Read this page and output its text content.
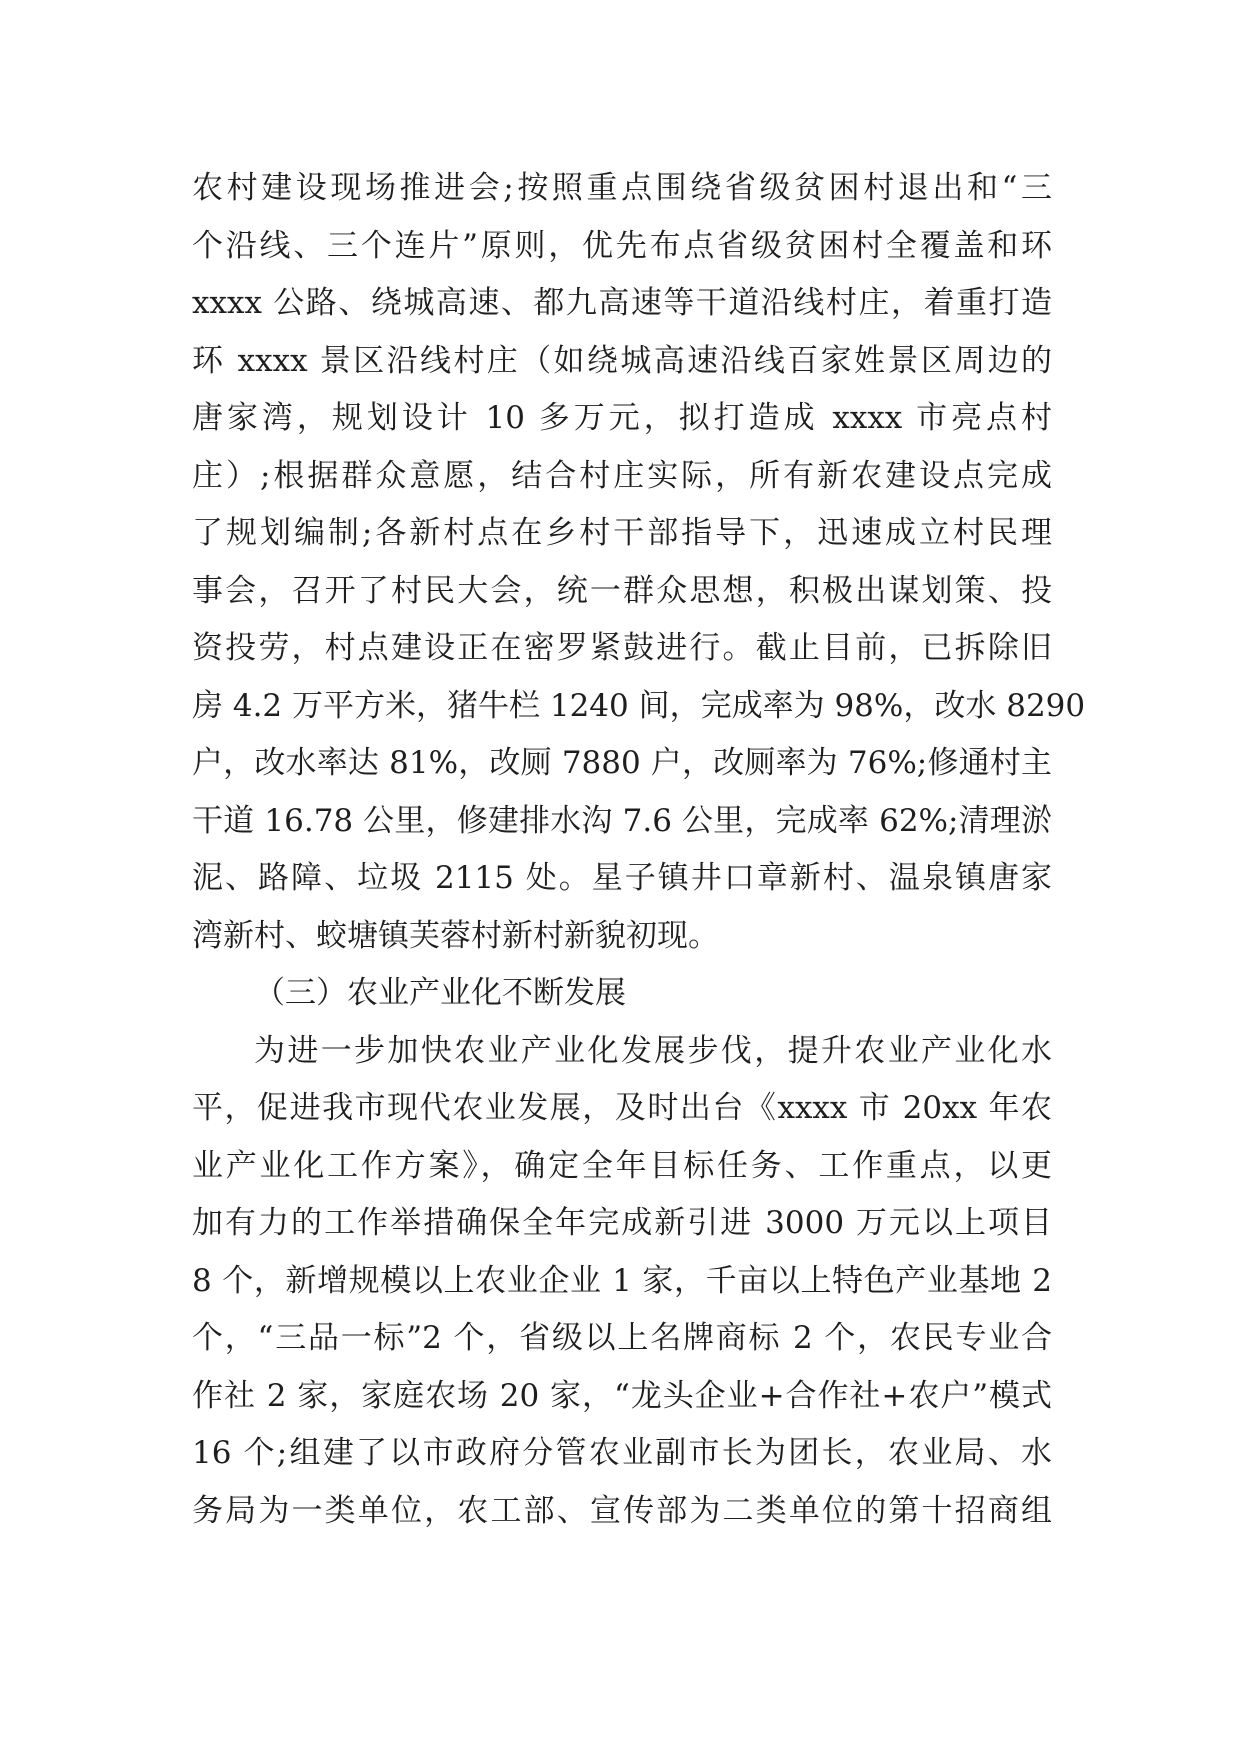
农村建设现场推进会;按照重点围绕省级贫困村退出和“三
个沿线、三个连片”原则，优先布点省级贫困村全覆盖和环
xxxx 公路、绕城高速、都九高速等干道沿线村庄，着重打造
环 xxxx 景区沿线村庄（如绕城高速沿线百家姓景区周边的
唐家湾，规划设计 10 多万元，拟打造成 xxxx 市亮点村
庄）;根据群众意愿，结合村庄实际，所有新农建设点完成
了规划编制;各新村点在乡村干部指导下，迅速成立村民理
事会，召开了村民大会，统一群众思想，积极出谋划策、投
资投劳，村点建设正在密罗紧鼓进行。截止目前，已拆除旧
房 4.2 万平方米，猪牛栏 1240 间，完成率为 98%，改水 8290
户，改水率达 81%，改厕 7880 户，改厕率为 76%;修通村主
干道 16.78 公里，修建排水沟 7.6 公里，完成率 62%;清理淤
泥、路障、垃圾 2115 处。星子镇井口章新村、温泉镇唐家
湾新村、蛟塘镇芙蓉村新村新貌初现。
（三）农业产业化不断发展
为进一步加快农业产业化发展步伐，提升农业产业化水
平，促进我市现代农业发展，及时出台《xxxx 市 20xx 年农
业产业化工作方案》，确定全年目标任务、工作重点，以更
加有力的工作举措确保全年完成新引进 3000 万元以上项目
8 个，新增规模以上农业企业 1 家，千亩以上特色产业基地 2
个，“三品一标”2 个，省级以上名牌商标 2 个，农民专业合
作社 2 家，家庭农场 20 家，“龙头企业+合作社+农户”模式
16 个;组建了以市政府分管农业副市长为团长，农业局、水
务局为一类单位，农工部、宣传部为二类单位的第十招商组
